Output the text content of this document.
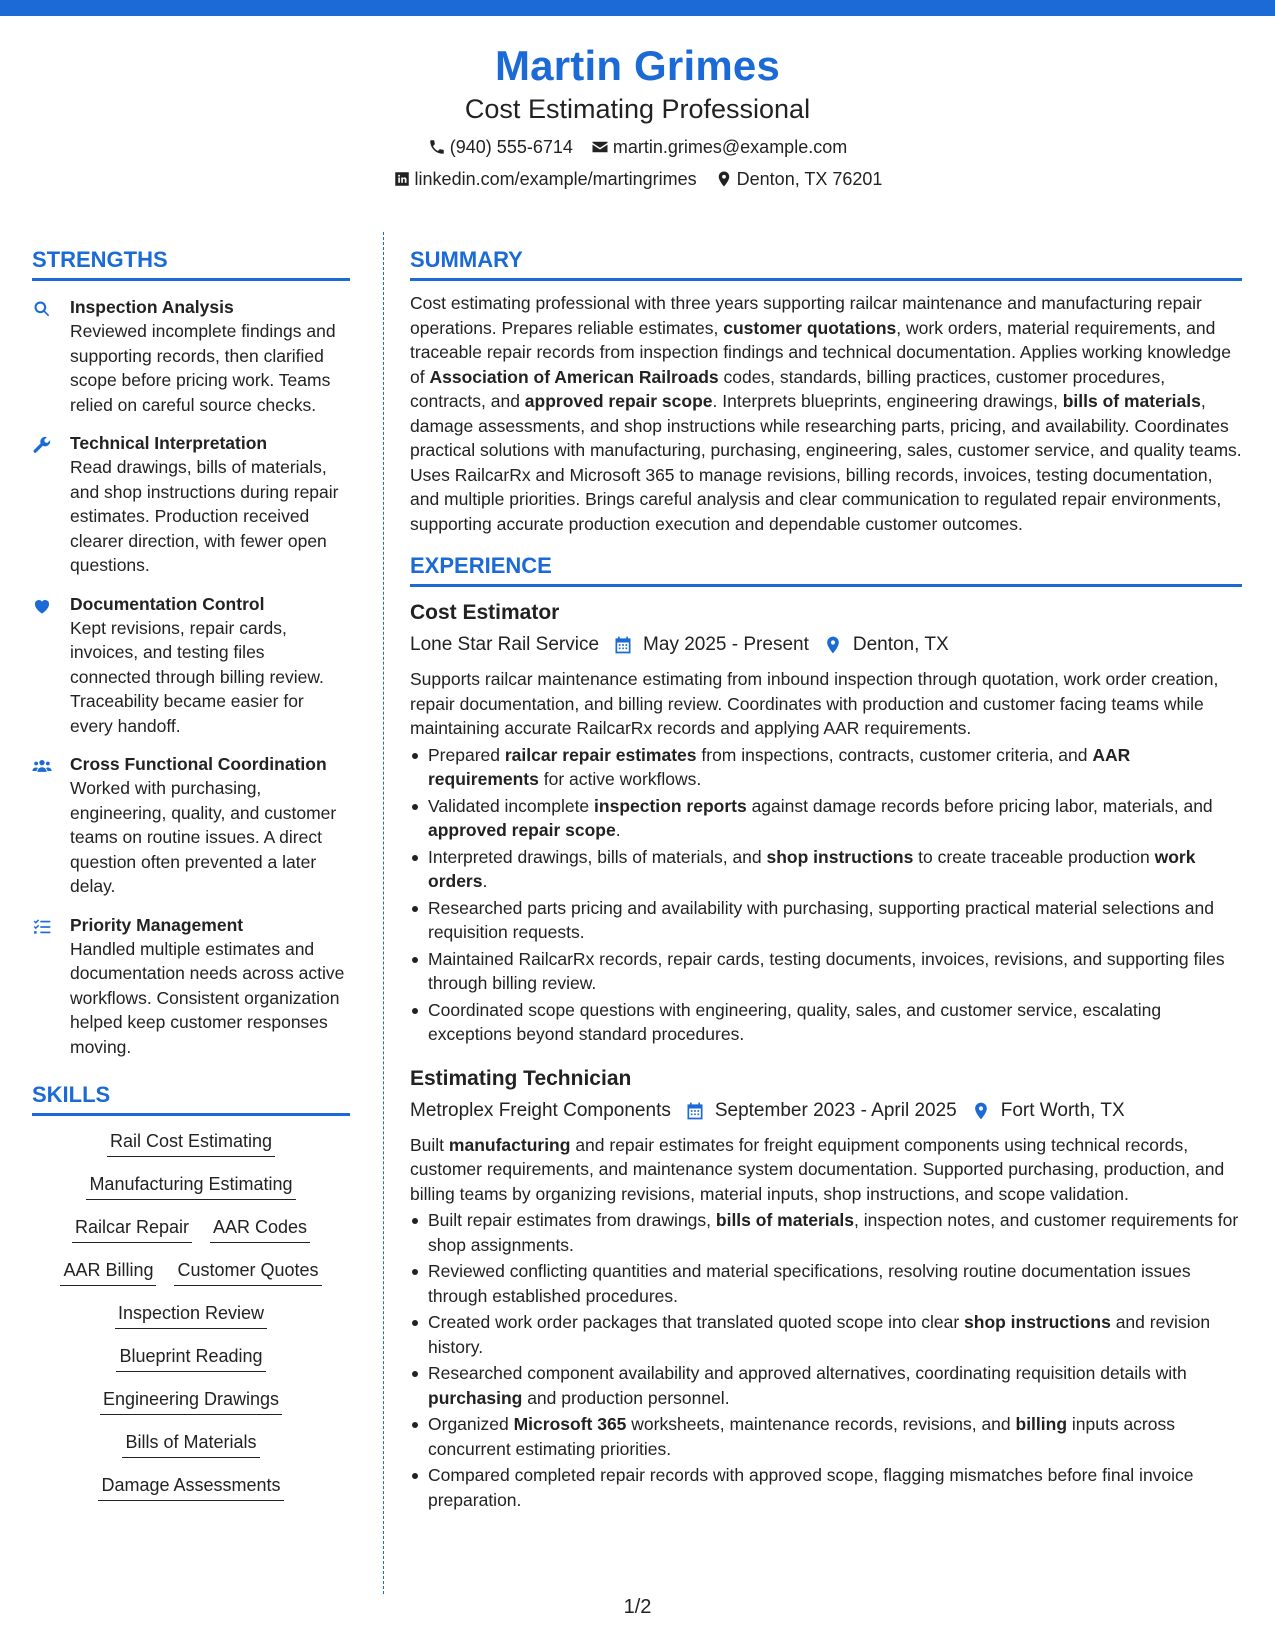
Martin Grimes
Cost Estimating Professional
(940) 555-6714 martin.grimes@example.com
linkedin.com/example/martingrimes Denton, TX 76201
STRENGTHS
Inspection Analysis
Reviewed incomplete findings and supporting records, then clarified scope before pricing work. Teams relied on careful source checks.
Technical Interpretation
Read drawings, bills of materials, and shop instructions during repair estimates. Production received clearer direction, with fewer open questions.
Documentation Control
Kept revisions, repair cards, invoices, and testing files connected through billing review. Traceability became easier for every handoff.
Cross Functional Coordination
Worked with purchasing, engineering, quality, and customer teams on routine issues. A direct question often prevented a later delay.
Priority Management
Handled multiple estimates and documentation needs across active workflows. Consistent organization helped keep customer responses moving.
SKILLS
Rail Cost Estimating
Manufacturing Estimating
Railcar Repair AAR Codes
AAR Billing Customer Quotes
Inspection Review
Blueprint Reading
Engineering Drawings
Bills of Materials
Damage Assessments
SUMMARY
Cost estimating professional with three years supporting railcar maintenance and manufacturing repair operations. Prepares reliable estimates, customer quotations, work orders, material requirements, and traceable repair records from inspection findings and technical documentation. Applies working knowledge of Association of American Railroads codes, standards, billing practices, customer procedures, contracts, and approved repair scope. Interprets blueprints, engineering drawings, bills of materials, damage assessments, and shop instructions while researching parts, pricing, and availability. Coordinates practical solutions with manufacturing, purchasing, engineering, sales, customer service, and quality teams. Uses RailcarRx and Microsoft 365 to manage revisions, billing records, invoices, testing documentation, and multiple priorities. Brings careful analysis and clear communication to regulated repair environments, supporting accurate production execution and dependable customer outcomes.
EXPERIENCE
Cost Estimator
Lone Star Rail Service May 2025 - Present Denton, TX
Supports railcar maintenance estimating from inbound inspection through quotation, work order creation, repair documentation, and billing review. Coordinates with production and customer facing teams while maintaining accurate RailcarRx records and applying AAR requirements.
Prepared railcar repair estimates from inspections, contracts, customer criteria, and AAR requirements for active workflows.
Validated incomplete inspection reports against damage records before pricing labor, materials, and approved repair scope.
Interpreted drawings, bills of materials, and shop instructions to create traceable production work orders.
Researched parts pricing and availability with purchasing, supporting practical material selections and requisition requests.
Maintained RailcarRx records, repair cards, testing documents, invoices, revisions, and supporting files through billing review.
Coordinated scope questions with engineering, quality, sales, and customer service, escalating exceptions beyond standard procedures.
Estimating Technician
Metroplex Freight Components September 2023 - April 2025 Fort Worth, TX
Built manufacturing and repair estimates for freight equipment components using technical records, customer requirements, and maintenance system documentation. Supported purchasing, production, and billing teams by organizing revisions, material inputs, shop instructions, and scope validation.
Built repair estimates from drawings, bills of materials, inspection notes, and customer requirements for shop assignments.
Reviewed conflicting quantities and material specifications, resolving routine documentation issues through established procedures.
Created work order packages that translated quoted scope into clear shop instructions and revision history.
Researched component availability and approved alternatives, coordinating requisition details with purchasing and production personnel.
Organized Microsoft 365 worksheets, maintenance records, revisions, and billing inputs across concurrent estimating priorities.
Compared completed repair records with approved scope, flagging mismatches before final invoice preparation.
1/2
